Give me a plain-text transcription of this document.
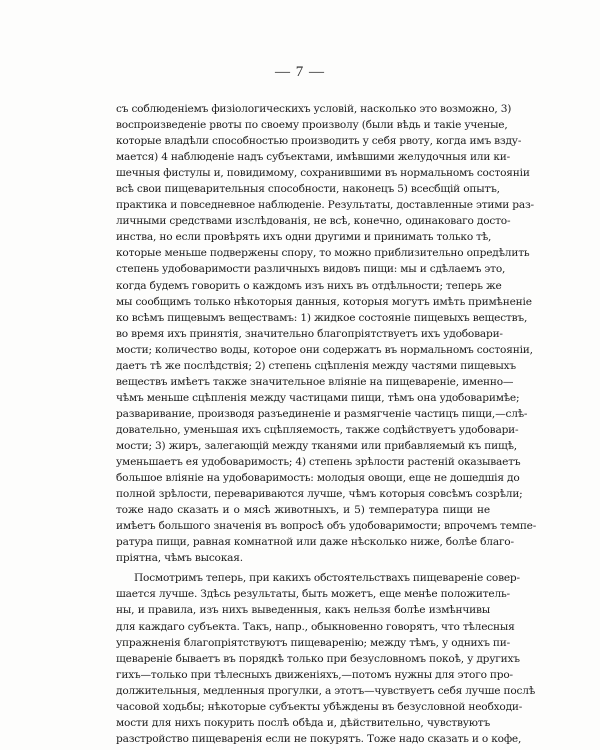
— 7 —
съ соблюденіемъ физіологическихъ условій, насколько это возможно, 3)
воспроизведеніе рвоты по своему произволу (были вѣдь и такіе ученые,
которые владѣли способностью производить у себя рвоту, когда имъ взду-
мается) 4 наблюденіе надъ субъектами, имѣвшими желудочныя или ки-
шечныя фистулы и, повидимому, сохранившими въ нормальномъ состояніи
всѣ свои пищеварительныя способности, наконецъ 5) всесбщій опытъ,
практика и повседневное наблюденіе. Результаты, доставленные этими раз-
личными средствами изслѣдованія, не всѣ, конечно, одинаковаго досто-
инства, но если провѣрять ихъ одни другими и принимать только тѣ,
которые меньше подвержены спору, то можно приблизительно опредѣлить
степень удобоваримости различныхъ видовъ пищи: мы и сдѣлаемъ это,
когда будемъ говорить о каждомъ изъ нихъ въ отдѣльности; теперь же
мы сообщимъ только нѣкоторыя данныя, которыя могутъ имѣть примѣненіе
ко всѣмъ пищевымъ веществамъ: 1) жидкое состояніе пищевыхъ веществъ,
во время ихъ принятія, значительно благопріятствуетъ ихъ удобовари-
мости; количество воды, которое они содержатъ въ нормальномъ состояніи,
даетъ тѣ же послѣдствія; 2) степень сцѣпленія между частями пищевыхъ
веществъ имѣетъ также значительное вліяніе на пищевареніе, именно—
чѣмъ меньше сцѣпленія между частицами пищи, тѣмъ она удобоваримѣе;
разваривание, производя разъединеніе и размягченіе частицъ пищи,—слѣ-
довательно, уменьшая ихъ сцѣпляемость, также содѣйствуетъ удобовари-
мости; 3) жиръ, залегающій между тканями или прибавляемый къ пищѣ,
уменьшаетъ ея удобоваримость; 4) степень зрѣлости растеній оказываетъ
большое вліяніе на удобоваримость: молодыя овощи, еще не дошедшія до
полной зрѣлости, перевариваются лучше, чѣмъ которыя совсѣмъ созрѣли;
тоже надо сказать и о мясѣ животныхъ, и 5) температура пищи не
имѣетъ большого значенія въ вопросѣ объ удобоваримости; впрочемъ темпе-
ратура пищи, равная комнатной или даже нѣсколько ниже, болѣе благо-
пріятна, чѣмъ высокая.
Посмотримъ теперь, при какихъ обстоятельствахъ пищевареніе совер-
шается лучше. Здѣсь результаты, быть можетъ, еще менѣе положитель-
ны, и правила, изъ нихъ выведенныя, какъ нельзя болѣе измѣнчивы
для каждаго субъекта. Такъ, напр., обыкновенно говорятъ, что тѣлесныя
упражненія благопріятствуютъ пищеваренію; между тѣмъ, у однихъ пи-
щевареніе бываетъ въ порядкѣ только при безусловномъ покоѣ, у другихъ
гихъ—только при тѣлесныхъ движеніяхъ,—потомъ нужны для этого про-
должительныя, медленныя прогулки, а этотъ—чувствуетъ себя лучше послѣ
часовой ходьбы; нѣкоторые субъекты убѣждены въ безусловной необходи-
мости для нихъ покурить послѣ обѣда и, дѣйствительно, чувствуютъ
разстройство пищеваренія если не покурятъ. Тоже надо сказать и о кофе,
